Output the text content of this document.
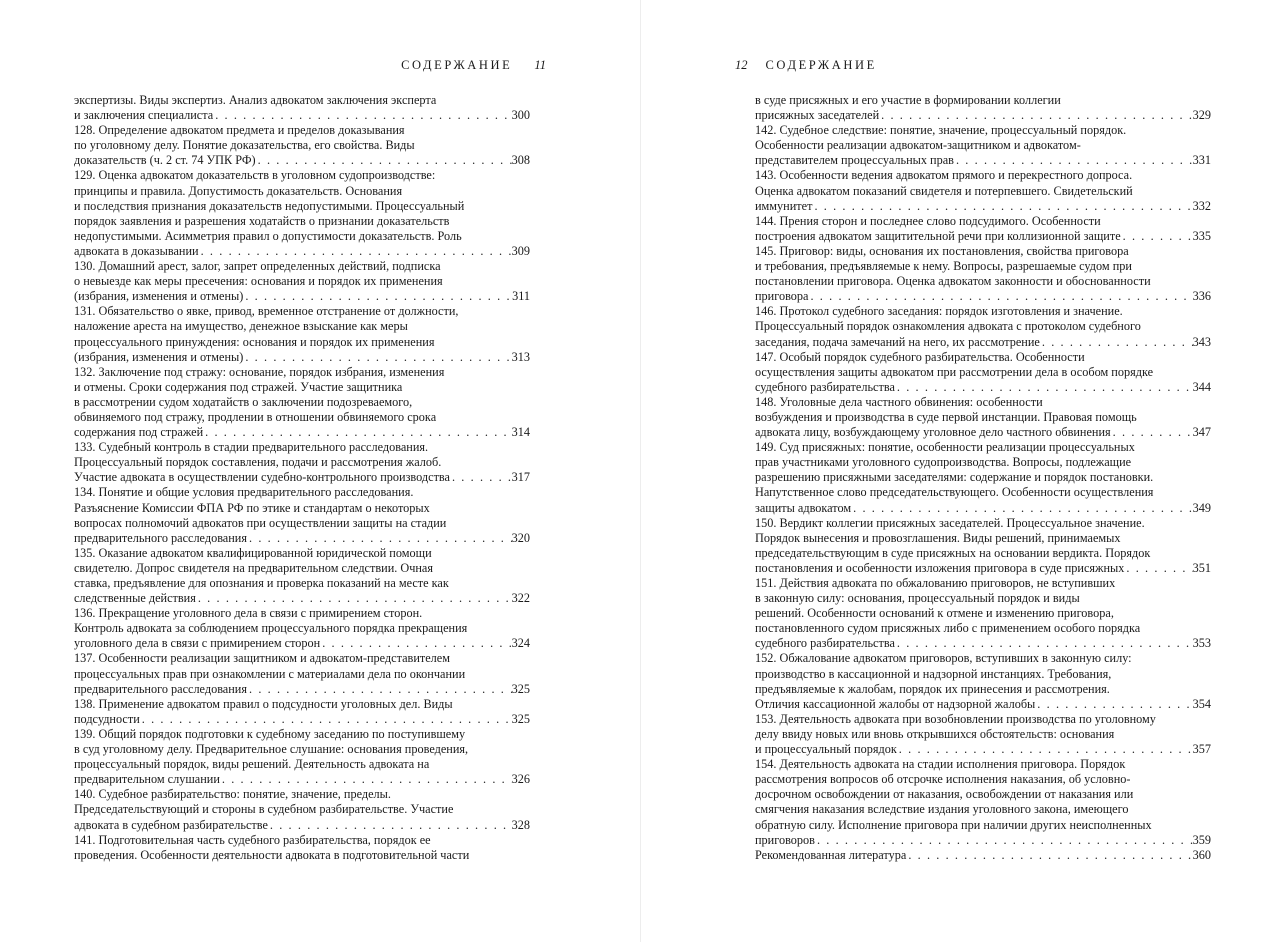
СОДЕРЖАНИЕ 11
экспертизы. Виды экспертиз. Анализ адвокатом заключения эксперта
и заключения специалиста . . .	300
128. Определение адвокатом предмета и пределов доказывания
по уголовному делу. Понятие доказательства, его свойства. Виды
доказательств (ч. 2 ст. 74 УПК РФ) . . .	308
129. Оценка адвокатом доказательств в уголовном судопроизводстве:
принципы и правила. Допустимость доказательств. Основания
и последствия признания доказательств недопустимыми. Процессуальный
порядок заявления и разрешения ходатайств о признании доказательств
недопустимыми. Асимметрия правил о допустимости доказательств. Роль
адвоката в доказывании . . .	309
130. Домашний арест, залог, запрет определенных действий, подписка
о невыезде как меры пресечения: основания и порядок их применения
(избрания, изменения и отмены) . . .	311
131. Обязательство о явке, привод, временное отстранение от должности,
наложение ареста на имущество, денежное взыскание как меры
процессуального принуждения: основания и порядок их применения
(избрания, изменения и отмены) . . .	313
132. Заключение под стражу: основание, порядок избрания, изменения
и отмены. Сроки содержания под стражей. Участие защитника
в рассмотрении судом ходатайств о заключении подозреваемого,
обвиняемого под стражу, продлении в отношении обвиняемого срока
содержания под стражей . . .	314
133. Судебный контроль в стадии предварительного расследования.
Процессуальный порядок составления, подачи и рассмотрения жалоб.
Участие адвоката в осуществлении судебно-контрольного производства . . .	317
134. Понятие и общие условия предварительного расследования.
Разъяснение Комиссии ФПА РФ по этике и стандартам о некоторых
вопросах полномочий адвокатов при осуществлении защиты на стадии
предварительного расследования . . .	320
135. Оказание адвокатом квалифицированной юридической помощи
свидетелю. Допрос свидетеля на предварительном следствии. Очная
ставка, предъявление для опознания и проверка показаний на месте как
следственные действия . . .	322
136. Прекращение уголовного дела в связи с примирением сторон.
Контроль адвоката за соблюдением процессуального порядка прекращения
уголовного дела в связи с примирением сторон . . .	324
137. Особенности реализации защитником и адвокатом-представителем
процессуальных прав при ознакомлении с материалами дела по окончании
предварительного расследования . . .	325
138. Применение адвокатом правил о подсудности уголовных дел. Виды
подсудности . . .	325
139. Общий порядок подготовки к судебному заседанию по поступившему
в суд уголовному делу. Предварительное слушание: основания проведения,
процессуальный порядок, виды решений. Деятельность адвоката на
предварительном слушании . . .	326
140. Судебное разбирательство: понятие, значение, пределы.
Председательствующий и стороны в судебном разбирательстве. Участие
адвоката в судебном разбирательстве . . .	328
141. Подготовительная часть судебного разбирательства, порядок ее
проведения. Особенности деятельности адвоката в подготовительной части
12 СОДЕРЖАНИЕ
в суде присяжных и его участие в формировании коллегии
присяжных заседателей . . .	329
142. Судебное следствие: понятие, значение, процессуальный порядок.
Особенности реализации адвокатом-защитником и адвокатом-
представителем процессуальных прав . . .	331
143. Особенности ведения адвокатом прямого и перекрестного допроса.
Оценка адвокатом показаний свидетеля и потерпевшего. Свидетельский
иммунитет . . .	332
144. Прения сторон и последнее слово подсудимого. Особенности
построения адвокатом защитительной речи при коллизионной защите . . .	335
145. Приговор: виды, основания их постановления, свойства приговора
и требования, предъявляемые к нему. Вопросы, разрешаемые судом при
постановлении приговора. Оценка адвокатом законности и обоснованности
приговора . . .	336
146. Протокол судебного заседания: порядок изготовления и значение.
Процессуальный порядок ознакомления адвоката с протоколом судебного
заседания, подача замечаний на него, их рассмотрение . . .	343
147. Особый порядок судебного разбирательства. Особенности
осуществления защиты адвокатом при рассмотрении дела в особом порядке
судебного разбирательства . . .	344
148. Уголовные дела частного обвинения: особенности
возбуждения и производства в суде первой инстанции. Правовая помощь
адвоката лицу, возбуждающему уголовное дело частного обвинения . . .	347
149. Суд присяжных: понятие, особенности реализации процессуальных
прав участниками уголовного судопроизводства. Вопросы, подлежащие
разрешению присяжными заседателями: содержание и порядок постановки.
Напутственное слово председательствующего. Особенности осуществления
защиты адвокатом . . .	349
150. Вердикт коллегии присяжных заседателей. Процессуальное значение.
Порядок вынесения и провозглашения. Виды решений, принимаемых
председательствующим в суде присяжных на основании вердикта. Порядок
постановления и особенности изложения приговора в суде присяжных . . .	351
151. Действия адвоката по обжалованию приговоров, не вступивших
в законную силу: основания, процессуальный порядок и виды
решений. Особенности оснований к отмене и изменению приговора,
постановленного судом присяжных либо с применением особого порядка
судебного разбирательства . . .	353
152. Обжалование адвокатом приговоров, вступивших в законную силу:
производство в кассационной и надзорной инстанциях. Требования,
предъявляемые к жалобам, порядок их принесения и рассмотрения.
Отличия кассационной жалобы от надзорной жалобы . . .	354
153. Деятельность адвоката при возобновлении производства по уголовному
делу ввиду новых или вновь открывшихся обстоятельств: основания
и процессуальный порядок . . .	357
154. Деятельность адвоката на стадии исполнения приговора. Порядок
рассмотрения вопросов об отсрочке исполнения наказания, об условно-
досрочном освобождении от наказания, освобождении от наказания или
смягчения наказания вследствие издания уголовного закона, имеющего
обратную силу. Исполнение приговора при наличии других неисполненных
приговоров . . .	359
Рекомендованная литература . . .	360
